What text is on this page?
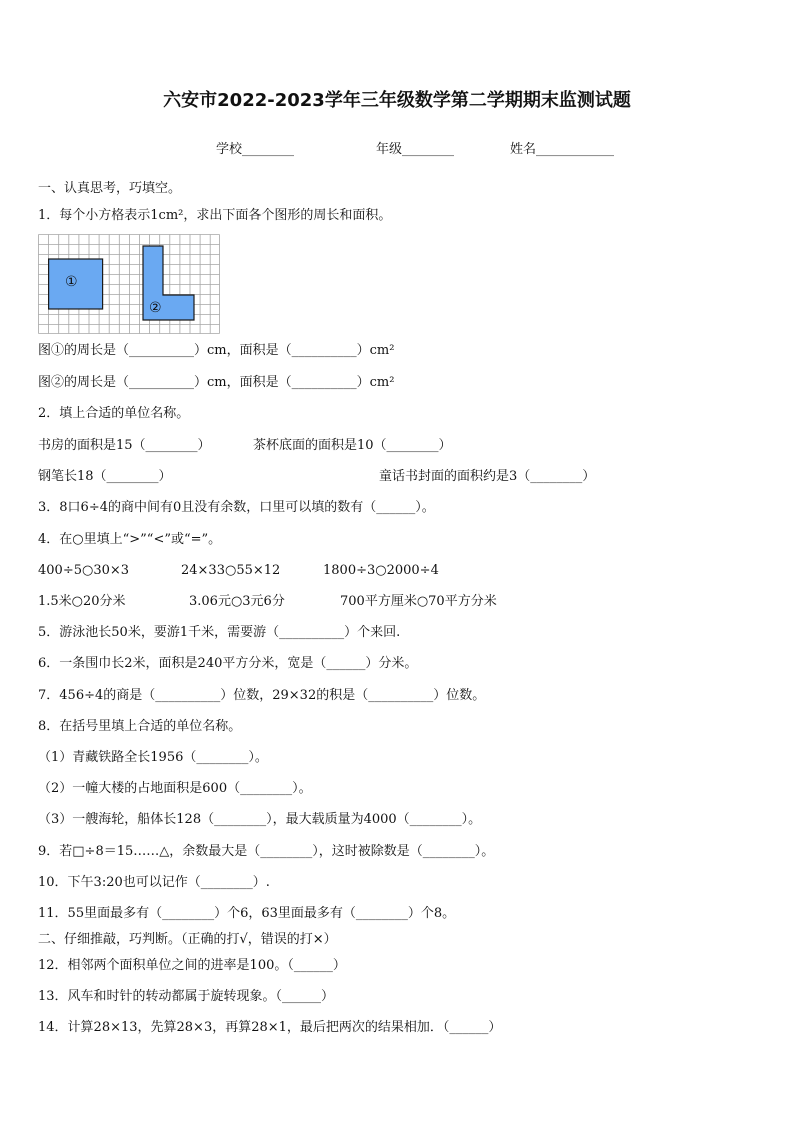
六安市2022-2023学年三年级数学第二学期期末监测试题
学校________	年级________	姓名____________
一、认真思考，巧填空。
1．每个小方格表示1cm²，求出下面各个图形的周长和面积。
①
②
图①的周长是（__________）cm，面积是（__________）cm²
图②的周长是（__________）cm，面积是（__________）cm²
2．填上合适的单位名称。
书房的面积是15（________）	茶杯底面的面积是10（________）
钢笔长18（________）	童话书封面的面积约是3（________）
3．8口6÷4的商中间有0且没有余数，口里可以填的数有（______）。
4．在○里填上“>”“<”或“=”。
400÷5○30×3	24×33○55×12	1800÷3○2000÷4
1.5米○20分米	3.06元○3元6分	700平方厘米○70平方分米
5．游泳池长50米，要游1千米，需要游（__________）个来回.
6．一条围巾长2米，面积是240平方分米，宽是（______）分米。
7．456÷4的商是（__________）位数，29×32的积是（__________）位数。
8．在括号里填上合适的单位名称。
（1）青藏铁路全长1956（________）。
（2）一幢大楼的占地面积是600（________）。
（3）一艘海轮，船体长128（________），最大载质量为4000（________）。
9．若□÷8＝15……△，余数最大是（________），这时被除数是（________）。
10．下午3:20也可以记作（________）.
11．55里面最多有（________）个6，63里面最多有（________）个8。
二、仔细推敲，巧判断。（正确的打√，错误的打×）
12．相邻两个面积单位之间的进率是100。（______）
13．风车和时针的转动都属于旋转现象。（______）
14．计算28×13，先算28×3，再算28×1，最后把两次的结果相加．（______）
